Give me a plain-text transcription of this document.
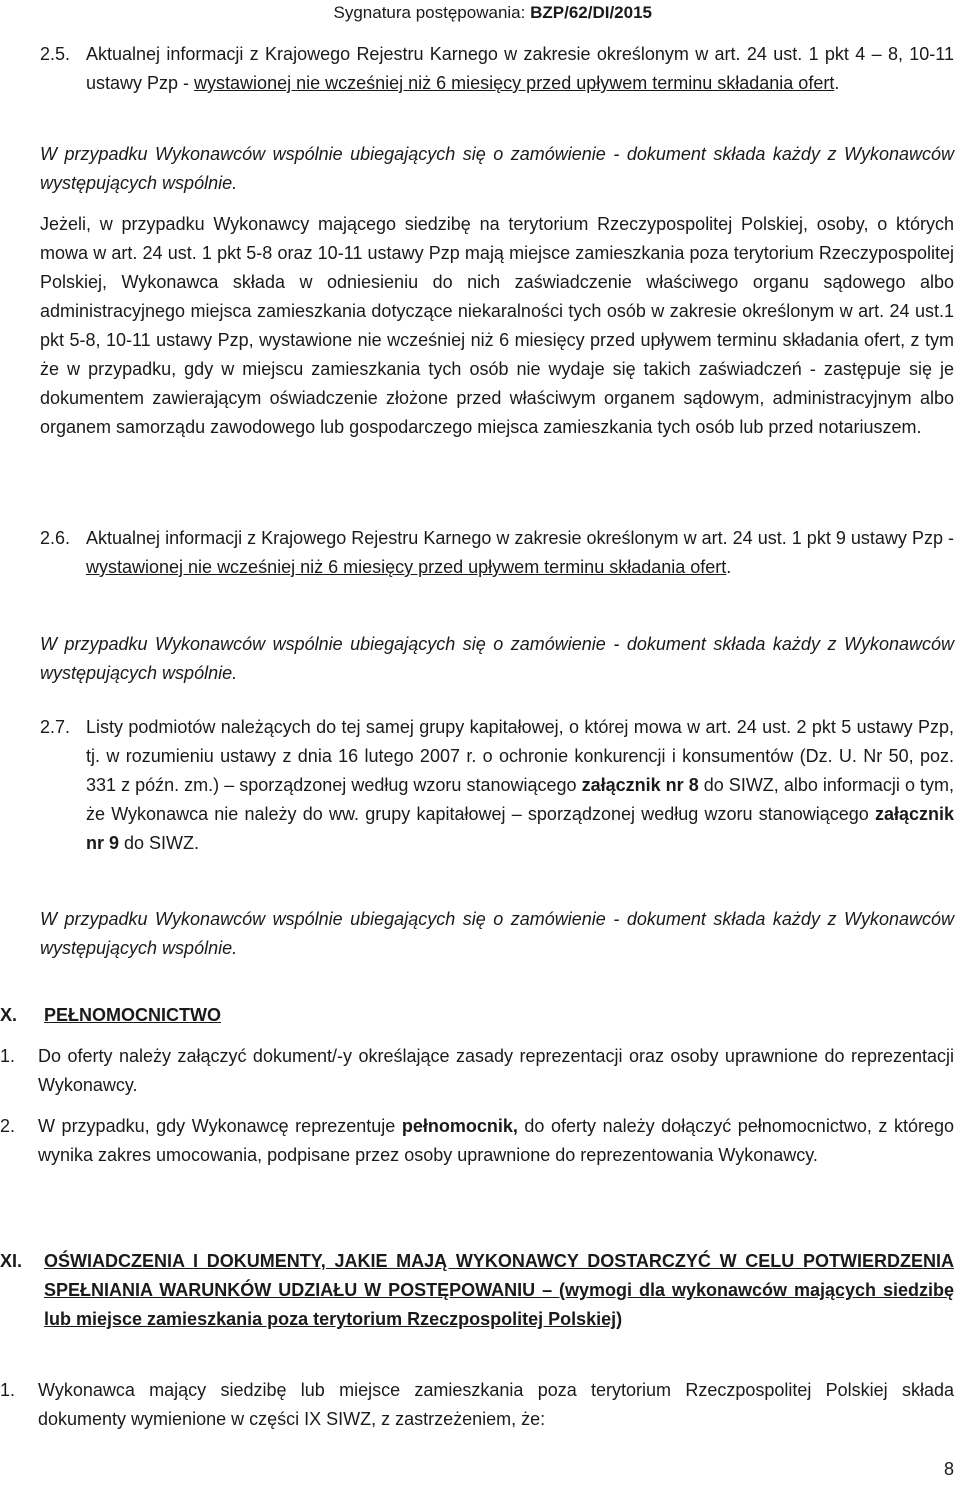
Sygnatura postępowania: BZP/62/DI/2015
2.5. Aktualnej informacji z Krajowego Rejestru Karnego w zakresie określonym w art. 24 ust. 1 pkt 4 – 8, 10-11 ustawy Pzp - wystawionej nie wcześniej niż 6 miesięcy przed upływem terminu składania ofert.

W przypadku Wykonawców wspólnie ubiegających się o zamówienie - dokument składa każdy z Wykonawców występujących wspólnie.

Jeżeli, w przypadku Wykonawcy mającego siedzibę na terytorium Rzeczypospolitej Polskiej, osoby, o których mowa w art. 24 ust. 1 pkt 5-8 oraz 10-11 ustawy Pzp mają miejsce zamieszkania poza terytorium Rzeczypospolitej Polskiej, Wykonawca składa w odniesieniu do nich zaświadczenie właściwego organu sądowego albo administracyjnego miejsca zamieszkania dotyczące niekaralności tych osób w zakresie określonym w art. 24 ust.1 pkt 5-8, 10-11 ustawy Pzp, wystawione nie wcześniej niż 6 miesięcy przed upływem terminu składania ofert, z tym że w przypadku, gdy w miejscu zamieszkania tych osób nie wydaje się takich zaświadczeń - zastępuje się je dokumentem zawierającym oświadczenie złożone przed właściwym organem sądowym, administracyjnym albo organem samorządu zawodowego lub gospodarczego miejsca zamieszkania tych osób lub przed notariuszem.

2.6. Aktualnej informacji z Krajowego Rejestru Karnego w zakresie określonym w art. 24 ust. 1 pkt 9 ustawy Pzp - wystawionej nie wcześniej niż 6 miesięcy przed upływem terminu składania ofert.

W przypadku Wykonawców wspólnie ubiegających się o zamówienie - dokument składa każdy z Wykonawców występujących wspólnie.

2.7. Listy podmiotów należących do tej samej grupy kapitałowej, o której mowa w art. 24 ust. 2 pkt 5 ustawy Pzp, tj. w rozumieniu ustawy z dnia 16 lutego 2007 r. o ochronie konkurencji i konsumentów (Dz. U. Nr 50, poz. 331 z późn. zm.) – sporządzonej według wzoru stanowiącego załącznik nr 8 do SIWZ, albo informacji o tym, że Wykonawca nie należy do ww. grupy kapitałowej – sporządzonej według wzoru stanowiącego załącznik nr 9 do SIWZ.

W przypadku Wykonawców wspólnie ubiegających się o zamówienie - dokument składa każdy z Wykonawców występujących wspólnie.

X. PEŁNOMOCNICTWO
1. Do oferty należy załączyć dokument/-y określające zasady reprezentacji oraz osoby uprawnione do reprezentacji Wykonawcy.
2. W przypadku, gdy Wykonawcę reprezentuje pełnomocnik, do oferty należy dołączyć pełnomocnictwo, z którego wynika zakres umocowania, podpisane przez osoby uprawnione do reprezentowania Wykonawcy.
XI. OŚWIADCZENIA I DOKUMENTY, JAKIE MAJĄ WYKONAWCY DOSTARCZYĆ W CELU POTWIERDZENIA SPEŁNIANIA WARUNKÓW UDZIAŁU W POSTĘPOWANIU – (wymogi dla wykonawców mających siedzibę lub miejsce zamieszkania poza terytorium Rzeczpospolitej Polskiej)
1. Wykonawca mający siedzibę lub miejsce zamieszkania poza terytorium Rzeczpospolitej Polskiej składa dokumenty wymienione w części IX SIWZ, z zastrzeżeniem, że:
8
